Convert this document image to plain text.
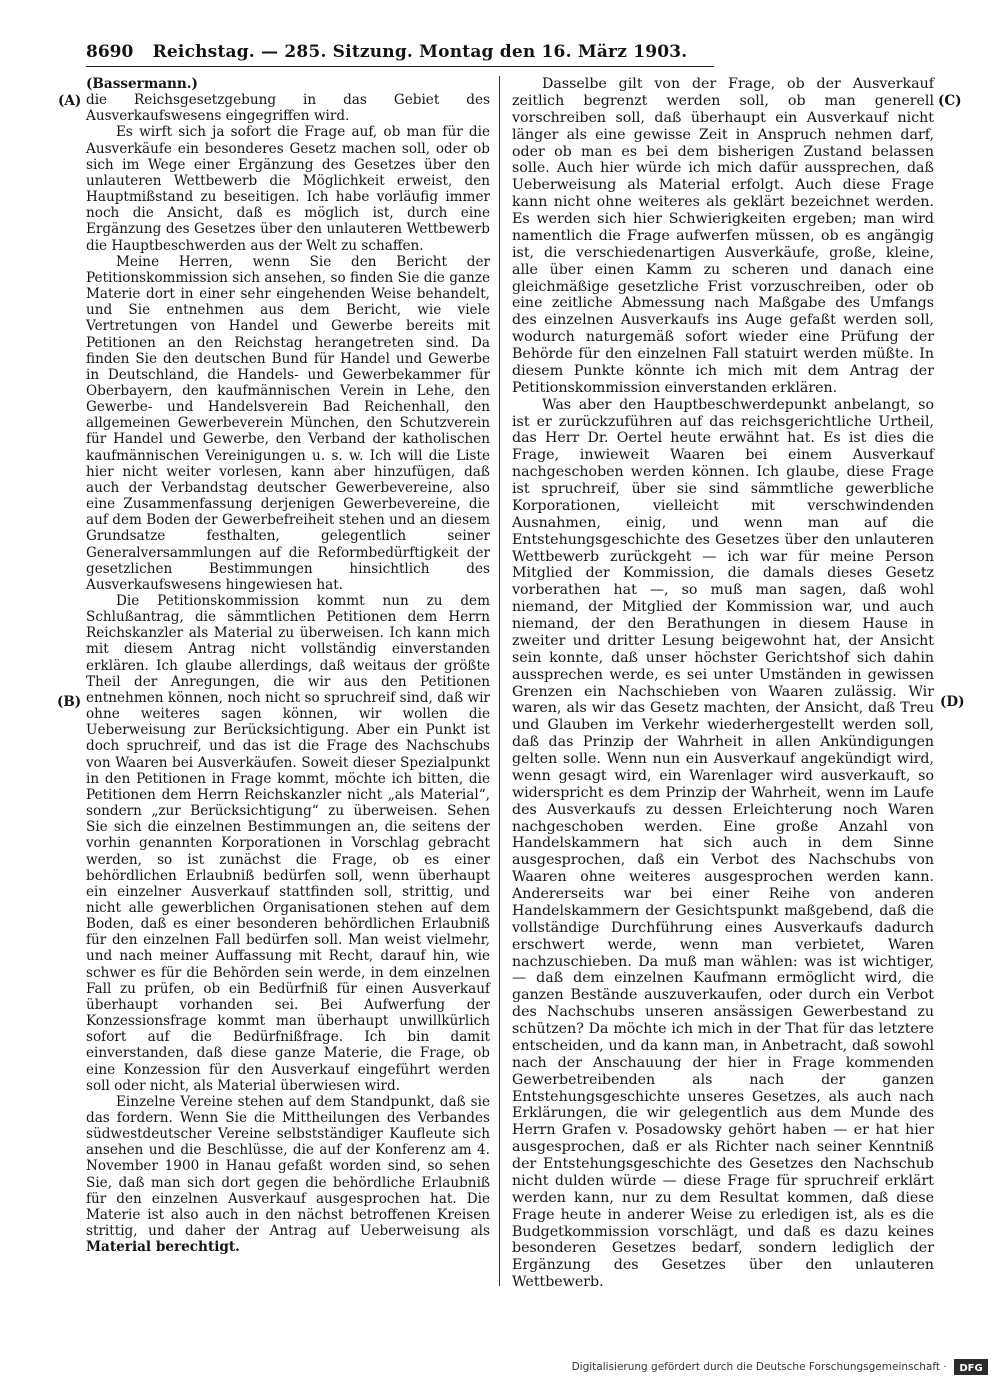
8690	Reichstag. — 285. Sitzung. Montag den 16. März 1903.
(A)
(B)
(C)
(D)

(Bassermann.)

die Reichsgesetzgebung in das Gebiet des Ausverkaufswesens eingegriffen wird.

Es wirft sich ja sofort die Frage auf, ob man für die Ausverkäufe ein besonderes Gesetz machen soll, oder ob sich im Wege einer Ergänzung des Gesetzes über den unlauteren Wettbewerb die Möglichkeit erweist, den Hauptmißstand zu beseitigen. Ich habe vorläufig immer noch die Ansicht, daß es möglich ist, durch eine Ergänzung des Gesetzes über den unlauteren Wettbewerb die Hauptbeschwerden aus der Welt zu schaffen.

Meine Herren, wenn Sie den Bericht der Petitionskommission sich ansehen, so finden Sie die ganze Materie dort in einer sehr eingehenden Weise behandelt, und Sie entnehmen aus dem Bericht, wie viele Vertretungen von Handel und Gewerbe bereits mit Petitionen an den Reichstag herangetreten sind. Da finden Sie den deutschen Bund für Handel und Gewerbe in Deutschland, die Handels- und Gewerbekammer für Oberbayern, den kaufmännischen Verein in Lehe, den Gewerbe- und Handelsverein Bad Reichenhall, den allgemeinen Gewerbeverein München, den Schutzverein für Handel und Gewerbe, den Verband der katholischen kaufmännischen Vereinigungen u. s. w. Ich will die Liste hier nicht weiter vorlesen, kann aber hinzufügen, daß auch der Verbandstag deutscher Gewerbevereine, also eine Zusammenfassung derjenigen Gewerbevereine, die auf dem Boden der Gewerbefreiheit stehen und an diesem Grundsatze festhalten, gelegentlich seiner Generalversammlungen auf die Reformbedürftigkeit der gesetzlichen Bestimmungen hinsichtlich des Ausverkaufswesens hingewiesen hat.

Die Petitionskommission kommt nun zu dem Schlußantrag, die sämmtlichen Petitionen dem Herrn Reichskanzler als Material zu überweisen. Ich kann mich mit diesem Antrag nicht vollständig einverstanden erklären. Ich glaube allerdings, daß weitaus der größte Theil der Anregungen, die wir aus den Petitionen entnehmen können, noch nicht so spruchreif sind, daß wir ohne weiteres sagen können, wir wollen die Ueberweisung zur Berücksichtigung. Aber ein Punkt ist doch spruchreif, und das ist die Frage des Nachschubs von Waaren bei Ausverkäufen. Soweit dieser Spezialpunkt in den Petitionen in Frage kommt, möchte ich bitten, die Petitionen dem Herrn Reichskanzler nicht „als Material“, sondern „zur Berücksichtigung“ zu überweisen. Sehen Sie sich die einzelnen Bestimmungen an, die seitens der vorhin genannten Korporationen in Vorschlag gebracht werden, so ist zunächst die Frage, ob es einer behördlichen Erlaubniß bedürfen soll, wenn überhaupt ein einzelner Ausverkauf stattfinden soll, strittig, und nicht alle gewerblichen Organisationen stehen auf dem Boden, daß es einer besonderen behördlichen Erlaubniß für den einzelnen Fall bedürfen soll. Man weist vielmehr, und nach meiner Auffassung mit Recht, darauf hin, wie schwer es für die Behörden sein werde, in dem einzelnen Fall zu prüfen, ob ein Bedürfniß für einen Ausverkauf überhaupt vorhanden sei. Bei Aufwerfung der Konzessionsfrage kommt man überhaupt unwillkürlich sofort auf die Bedürfnißfrage. Ich bin damit einverstanden, daß diese ganze Materie, die Frage, ob eine Konzession für den Ausverkauf eingeführt werden soll oder nicht, als Material überwiesen wird.

Einzelne Vereine stehen auf dem Standpunkt, daß sie das fordern. Wenn Sie die Mittheilungen des Verbandes südwestdeutscher Vereine selbstständiger Kaufleute sich ansehen und die Beschlüsse, die auf der Konferenz am 4. November 1900 in Hanau gefaßt worden sind, so sehen Sie, daß man sich dort gegen die behördliche Erlaubniß für den einzelnen Ausverkauf ausgesprochen hat. Die Materie ist also auch in den nächst betroffenen Kreisen strittig, und daher der Antrag auf Ueberweisung als Material berechtigt.

Dasselbe gilt von der Frage, ob der Ausverkauf zeitlich begrenzt werden soll, ob man generell vorschreiben soll, daß überhaupt ein Ausverkauf nicht länger als eine gewisse Zeit in Anspruch nehmen darf, oder ob man es bei dem bisherigen Zustand belassen solle. Auch hier würde ich mich dafür aussprechen, daß Ueberweisung als Material erfolgt. Auch diese Frage kann nicht ohne weiteres als geklärt bezeichnet werden. Es werden sich hier Schwierigkeiten ergeben; man wird namentlich die Frage aufwerfen müssen, ob es angängig ist, die verschiedenartigen Ausverkäufe, große, kleine, alle über einen Kamm zu scheren und danach eine gleichmäßige gesetzliche Frist vorzuschreiben, oder ob eine zeitliche Abmessung nach Maßgabe des Umfangs des einzelnen Ausverkaufs ins Auge gefaßt werden soll, wodurch naturgemäß sofort wieder eine Prüfung der Behörde für den einzelnen Fall statuirt werden müßte. In diesem Punkte könnte ich mich mit dem Antrag der Petitionskommission einverstanden erklären.

Was aber den Hauptbeschwerdepunkt anbelangt, so ist er zurückzuführen auf das reichsgerichtliche Urtheil, das Herr Dr. Oertel heute erwähnt hat. Es ist dies die Frage, inwieweit Waaren bei einem Ausverkauf nachgeschoben werden können. Ich glaube, diese Frage ist spruchreif, über sie sind sämmtliche gewerbliche Korporationen, vielleicht mit verschwindenden Ausnahmen, einig, und wenn man auf die Entstehungsgeschichte des Gesetzes über den unlauteren Wettbewerb zurückgeht — ich war für meine Person Mitglied der Kommission, die damals dieses Gesetz vorberathen hat —, so muß man sagen, daß wohl niemand, der Mitglied der Kommission war, und auch niemand, der den Berathungen in diesem Hause in zweiter und dritter Lesung beigewohnt hat, der Ansicht sein konnte, daß unser höchster Gerichtshof sich dahin aussprechen werde, es sei unter Umständen in gewissen Grenzen ein Nachschieben von Waaren zulässig. Wir waren, als wir das Gesetz machten, der Ansicht, daß Treu und Glauben im Verkehr wiederhergestellt werden soll, daß das Prinzip der Wahrheit in allen Ankündigungen gelten solle. Wenn nun ein Ausverkauf angekündigt wird, wenn gesagt wird, ein Warenlager wird ausverkauft, so widerspricht es dem Prinzip der Wahrheit, wenn im Laufe des Ausverkaufs zu dessen Erleichterung noch Waren nachgeschoben werden. Eine große Anzahl von Handelskammern hat sich auch in dem Sinne ausgesprochen, daß ein Verbot des Nachschubs von Waaren ohne weiteres ausgesprochen werden kann. Andererseits war bei einer Reihe von anderen Handelskammern der Gesichtspunkt maßgebend, daß die vollständige Durchführung eines Ausverkaufs dadurch erschwert werde, wenn man verbietet, Waren nachzuschieben. Da muß man wählen: was ist wichtiger, — daß dem einzelnen Kaufmann ermöglicht wird, die ganzen Bestände auszuverkaufen, oder durch ein Verbot des Nachschubs unseren ansässigen Gewerbestand zu schützen? Da möchte ich mich in der That für das letztere entscheiden, und da kann man, in Anbetracht, daß sowohl nach der Anschauung der hier in Frage kommenden Gewerbetreibenden als nach der ganzen Entstehungsgeschichte unseres Gesetzes, als auch nach Erklärungen, die wir gelegentlich aus dem Munde des Herrn Grafen v. Posadowsky gehört haben — er hat hier ausgesprochen, daß er als Richter nach seiner Kenntniß der Entstehungsgeschichte des Gesetzes den Nachschub nicht dulden würde — diese Frage für spruchreif erklärt werden kann, nur zu dem Resultat kommen, daß diese Frage heute in anderer Weise zu erledigen ist, als es die Budgetkommission vorschlägt, und daß es dazu keines besonderen Gesetzes bedarf, sondern lediglich der Ergänzung des Gesetzes über den unlauteren Wettbewerb.

Digitalisierung gefördert durch die Deutsche Forschungsgemeinschaft · DFG
